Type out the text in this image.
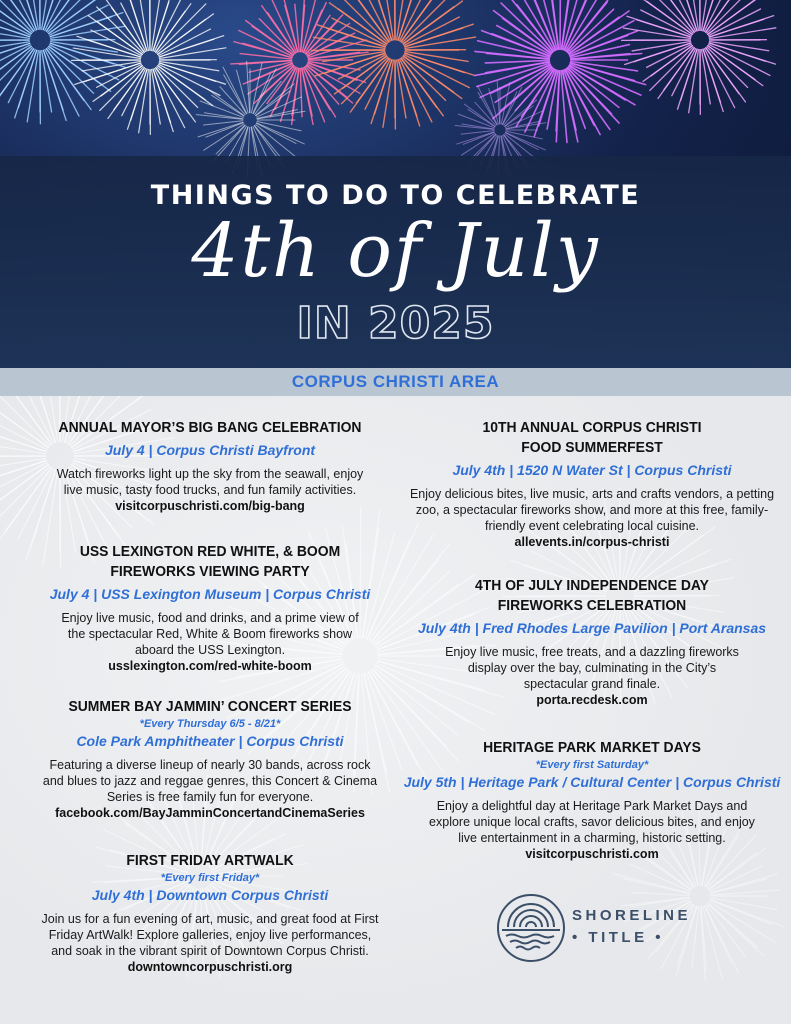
THINGS TO DO TO CELEBRATE
4th of July
IN 2025
CORPUS CHRISTI AREA
ANNUAL MAYOR’S BIG BANG CELEBRATION
July 4 | Corpus Christi Bayfront
Watch fireworks light up the sky from the seawall, enjoy
live music, tasty food trucks, and fun family activities.
visitcorpuschristi.com/big-bang
USS LEXINGTON RED WHITE, & BOOM
FIREWORKS VIEWING PARTY
July 4 | USS Lexington Museum | Corpus Christi
Enjoy live music, food and drinks, and a prime view of
the spectacular Red, White & Boom fireworks show
aboard the USS Lexington.
usslexington.com/red-white-boom
SUMMER BAY JAMMIN’ CONCERT SERIES
*Every Thursday 6/5 - 8/21*
Cole Park Amphitheater | Corpus Christi
Featuring a diverse lineup of nearly 30 bands, across rock
and blues to jazz and reggae genres, this Concert & Cinema
Series is free family fun for everyone.
facebook.com/BayJamminConcertandCinemaSeries
FIRST FRIDAY ARTWALK
*Every first Friday*
July 4th | Downtown Corpus Christi
Join us for a fun evening of art, music, and great food at First
Friday ArtWalk! Explore galleries, enjoy live performances,
and soak in the vibrant spirit of Downtown Corpus Christi.
downtowncorpuschristi.org
10TH ANNUAL CORPUS CHRISTI
FOOD SUMMERFEST
July 4th | 1520 N Water St | Corpus Christi
Enjoy delicious bites, live music, arts and crafts vendors, a petting
zoo, a spectacular fireworks show, and more at this free, family-
friendly event celebrating local cuisine.
allevents.in/corpus-christi
4TH OF JULY INDEPENDENCE DAY
FIREWORKS CELEBRATION
July 4th | Fred Rhodes Large Pavilion | Port Aransas
Enjoy live music, free treats, and a dazzling fireworks
display over the bay, culminating in the City’s
spectacular grand finale.
porta.recdesk.com
HERITAGE PARK MARKET DAYS
*Every first Saturday*
July 5th | Heritage Park / Cultural Center | Corpus Christi
Enjoy a delightful day at Heritage Park Market Days and
explore unique local crafts, savor delicious bites, and enjoy
live entertainment in a charming, historic setting.
visitcorpuschristi.com
SHORELINE
• TITLE •
